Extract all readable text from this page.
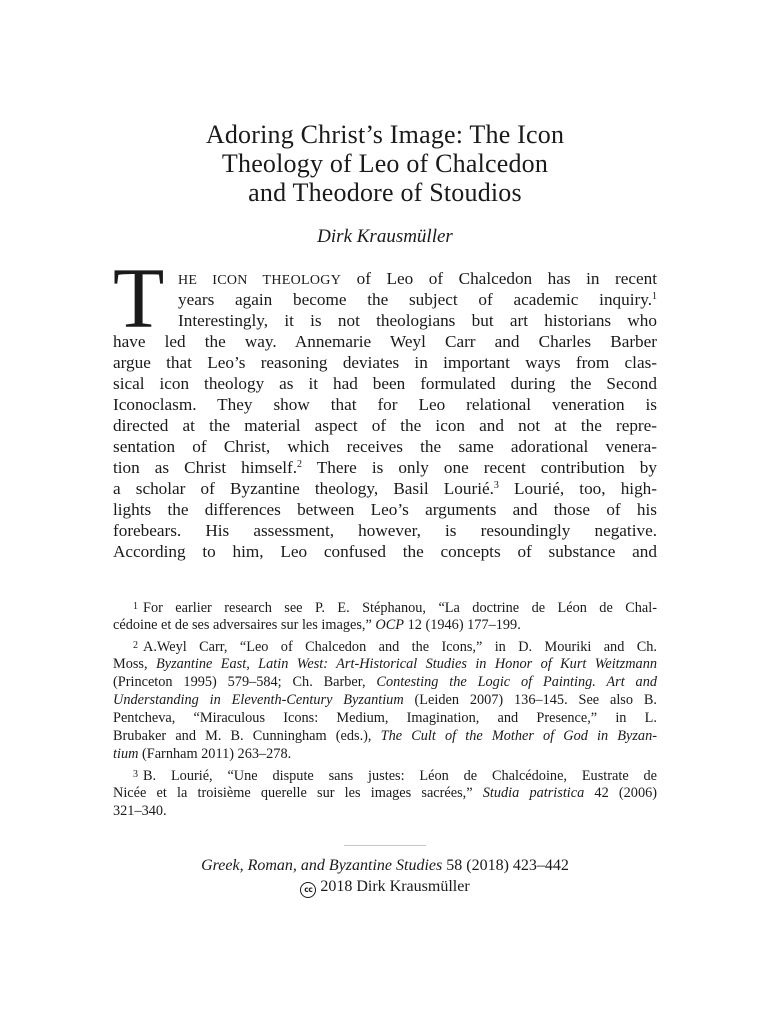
Adoring Christ’s Image: The Icon
Theology of Leo of Chalcedon
and Theodore of Stoudios
Dirk Krausmüller
T HE ICON THEOLOGY of Leo of Chalcedon has in recent
years again become the subject of academic inquiry.$^1$
Interestingly, it is not theologians but art historians who
have led the way. Annemarie Weyl Carr and Charles Barber
argue that Leo’s reasoning deviates in important ways from clas-
sical icon theology as it had been formulated during the Second
Iconoclasm. They show that for Leo relational veneration is
directed at the material aspect of the icon and not at the repre-
sentation of Christ, which receives the same adorational venera-
tion as Christ himself.$^2$ There is only one recent contribution by
a scholar of Byzantine theology, Basil Lourié.$^3$ Lourié, too, high-
lights the differences between Leo’s arguments and those of his
forebears. His assessment, however, is resoundingly negative.
According to him, Leo confused the concepts of substance and
$^1$ For earlier research see P. E. Stéphanou, “La doctrine de Léon de Chal-
cédoine et de ses adversaires sur les images,” OCP 12 (1946) 177–199.
$^2$ A.Weyl Carr, “Leo of Chalcedon and the Icons,” in D. Mouriki and Ch.
Moss, Byzantine East, Latin West: Art-Historical Studies in Honor of Kurt Weitzmann
(Princeton 1995) 579–584; Ch. Barber, Contesting the Logic of Painting. Art and
Understanding in Eleventh-Century Byzantium (Leiden 2007) 136–145. See also B.
Pentcheva, “Miraculous Icons: Medium, Imagination, and Presence,” in L.
Brubaker and M. B. Cunningham (eds.), The Cult of the Mother of God in Byzan-
tium (Farnham 2011) 263–278.
$^3$ B. Lourié, “Une dispute sans justes: Léon de Chalcédoine, Eustrate de
Nicée et la troisième querelle sur les images sacrées,” Studia patristica 42 (2006)
321–340.
Greek, Roman, and Byzantine Studies 58 (2018) 423–442
cc 2018 Dirk Krausmüller
